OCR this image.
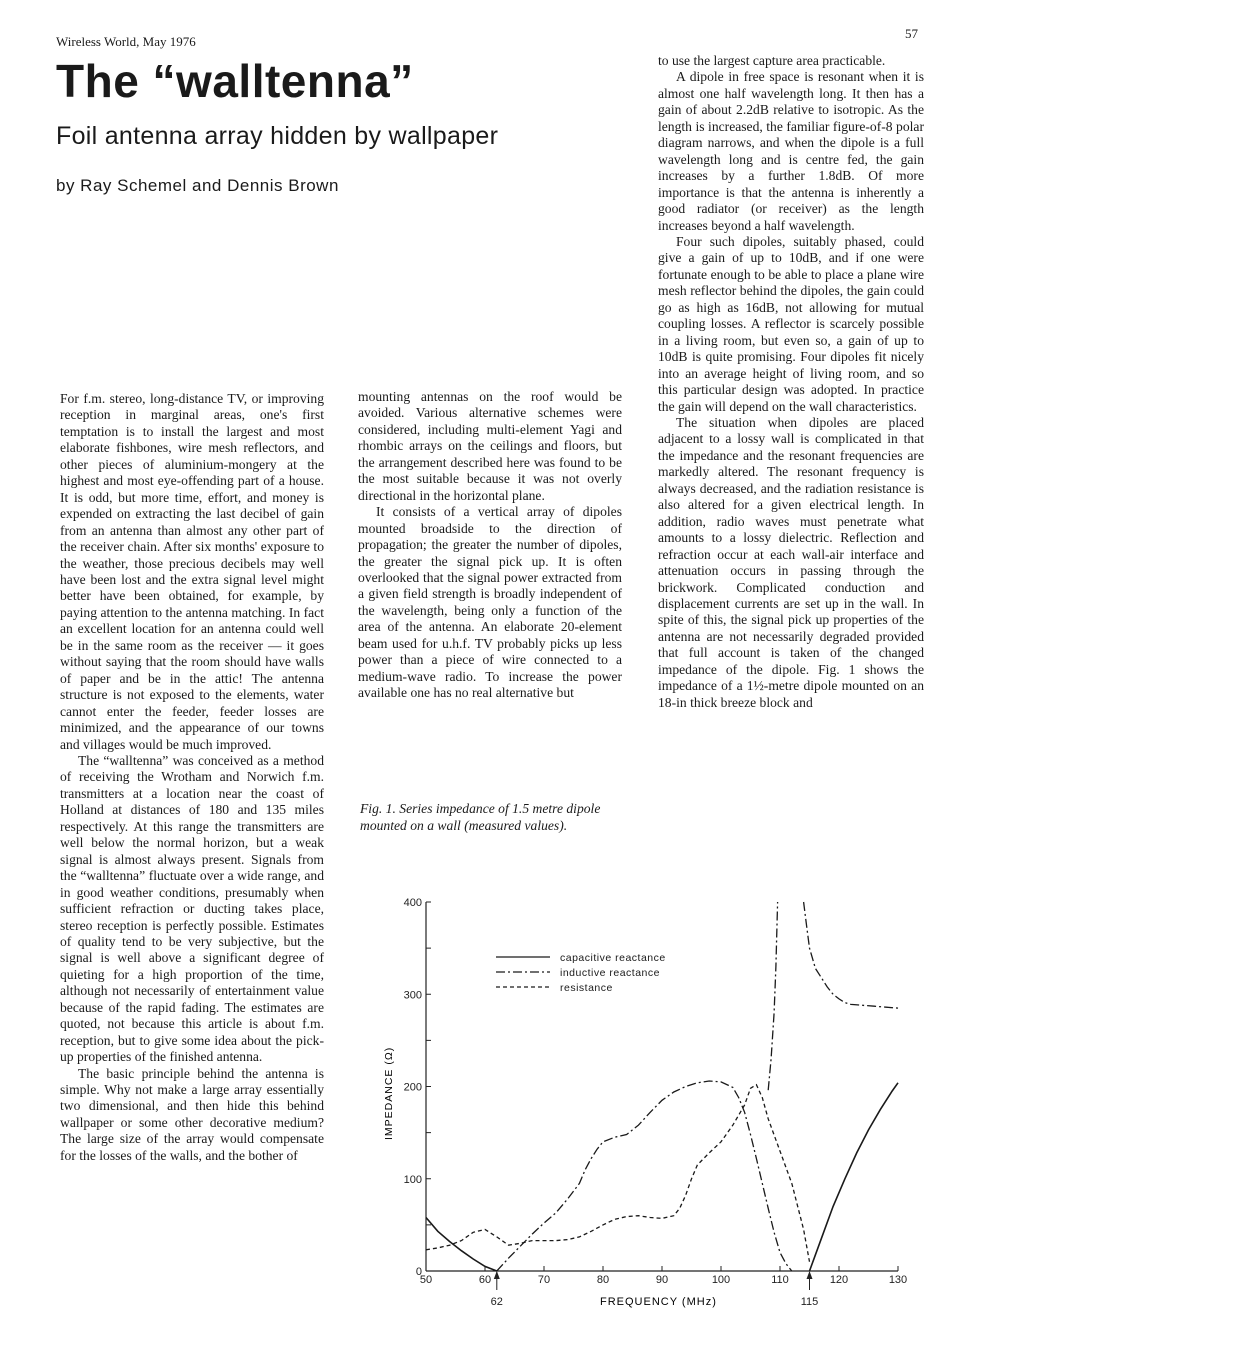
Wireless World, May 1976
57
The “walltenna”
Foil antenna array hidden by wallpaper
by Ray Schemel and Dennis Brown

For f.m. stereo, long-distance TV, or improving reception in marginal areas, one's first temptation is to install the largest and most elaborate fishbones, wire mesh reflectors, and other pieces of aluminium-mongery at the highest and most eye-offending part of a house. It is odd, but more time, effort, and money is expended on extracting the last decibel of gain from an antenna than almost any other part of the receiver chain. After six months' exposure to the weather, those precious decibels may well have been lost and the extra signal level might better have been obtained, for example, by paying attention to the antenna matching. In fact an excellent location for an antenna could well be in the same room as the receiver — it goes without saying that the room should have walls of paper and be in the attic! The antenna structure is not exposed to the elements, water cannot enter the feeder, feeder losses are minimized, and the appearance of our towns and villages would be much improved.

The “walltenna” was conceived as a method of receiving the Wrotham and Norwich f.m. transmitters at a location near the coast of Holland at distances of 180 and 135 miles respectively. At this range the transmitters are well below the normal horizon, but a weak signal is almost always present. Signals from the “walltenna” fluctuate over a wide range, and in good weather conditions, presumably when sufficient refraction or ducting takes place, stereo reception is perfectly possible. Estimates of quality tend to be very subjective, but the signal is well above a significant degree of quieting for a high proportion of the time, although not necessarily of entertainment value because of the rapid fading. The estimates are quoted, not because this article is about f.m. reception, but to give some idea about the pick-up properties of the finished antenna.

The basic principle behind the antenna is simple. Why not make a large array essentially two dimensional, and then hide this behind wallpaper or some other decorative medium? The large size of the array would compensate for the losses of the walls, and the bother of

mounting antennas on the roof would be avoided. Various alternative schemes were considered, including multi-element Yagi and rhombic arrays on the ceilings and floors, but the arrangement described here was found to be the most suitable because it was not overly directional in the horizontal plane.

It consists of a vertical array of dipoles mounted broadside to the direction of propagation; the greater the number of dipoles, the greater the signal pick up. It is often overlooked that the signal power extracted from a given field strength is broadly independent of the wavelength, being only a function of the area of the antenna. An elaborate 20-element beam used for u.h.f. TV probably picks up less power than a piece of wire connected to a medium-wave radio. To increase the power available one has no real alternative but

Fig. 1. Series impedance of 1.5 metre dipole mounted on a wall (measured values).

to use the largest capture area practicable.

A dipole in free space is resonant when it is almost one half wavelength long. It then has a gain of about 2.2dB relative to isotropic. As the length is increased, the familiar figure-of-8 polar diagram narrows, and when the dipole is a full wavelength long and is centre fed, the gain increases by a further 1.8dB. Of more importance is that the antenna is inherently a good radiator (or receiver) as the length increases beyond a half wavelength.

Four such dipoles, suitably phased, could give a gain of up to 10dB, and if one were fortunate enough to be able to place a plane wire mesh reflector behind the dipoles, the gain could go as high as 16dB, not allowing for mutual coupling losses. A reflector is scarcely possible in a living room, but even so, a gain of up to 10dB is quite promising. Four dipoles fit nicely into an average height of living room, and so this particular design was adopted. In practice the gain will depend on the wall characteristics.

The situation when dipoles are placed adjacent to a lossy wall is complicated in that the impedance and the resonant frequencies are markedly altered. The resonant frequency is always decreased, and the radiation resistance is also altered for a given electrical length. In addition, radio waves must penetrate what amounts to a lossy dielectric. Reflection and refraction occur at each wall-air interface and attenuation occurs in passing through the brickwork. Complicated conduction and displacement currents are set up in the wall. In spite of this, the signal pick up properties of the antenna are not necessarily degraded provided that full account is taken of the changed impedance of the dipole. Fig. 1 shows the impedance of a 1½-metre dipole mounted on an 18-in thick breeze block and

0
100
200
300
400
50	60	70	80	90	100	110	120	130
62	115
capacitive reactance
inductive reactance
resistance
IMPEDANCE (Ω)
FREQUENCY (MHz)
